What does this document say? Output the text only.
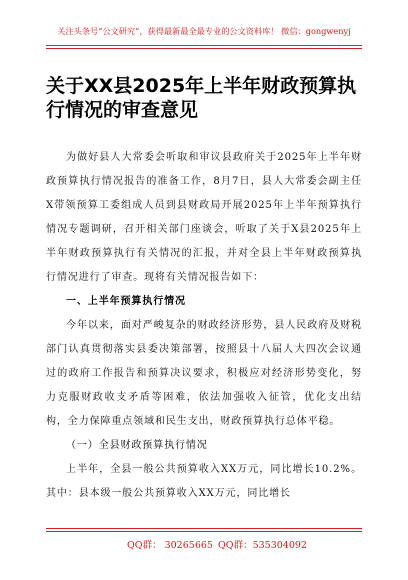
关注头条号“公文研究”，获得最新最全最专业的公文资料库！ 微信：gongwenyj
关于XX县2025年上半年财政预算执行情况的审查意见
为做好县人大常委会听取和审议县政府关于2025年上半年财政预算执行情况报告的准备工作，8月7日，县人大常委会副主任X带领预算工委组成人员到县财政局开展2025年上半年预算执行情况专题调研，召开相关部门座谈会，听取了关于X县2025年上半年财政预算执行有关情况的汇报，并对全县上半年财政预算执行情况进行了审查。现将有关情况报告如下：
一、上半年预算执行情况
今年以来，面对严峻复杂的财政经济形势，县人民政府及财税部门认真贯彻落实县委决策部署，按照县十八届人大四次会议通过的政府工作报告和预算决议要求，积极应对经济形势变化，努力克服财政收支矛盾等困难，依法加强收入征管，优化支出结构，全力保障重点领域和民生支出，财政预算执行总体平稳。
（一）全县财政预算执行情况
上半年，全县一般公共预算收入XX万元，同比增长10.2%。其中：县本级一般公共预算收入XX万元，同比增长
QQ群： 30265665 QQ群：535304092
